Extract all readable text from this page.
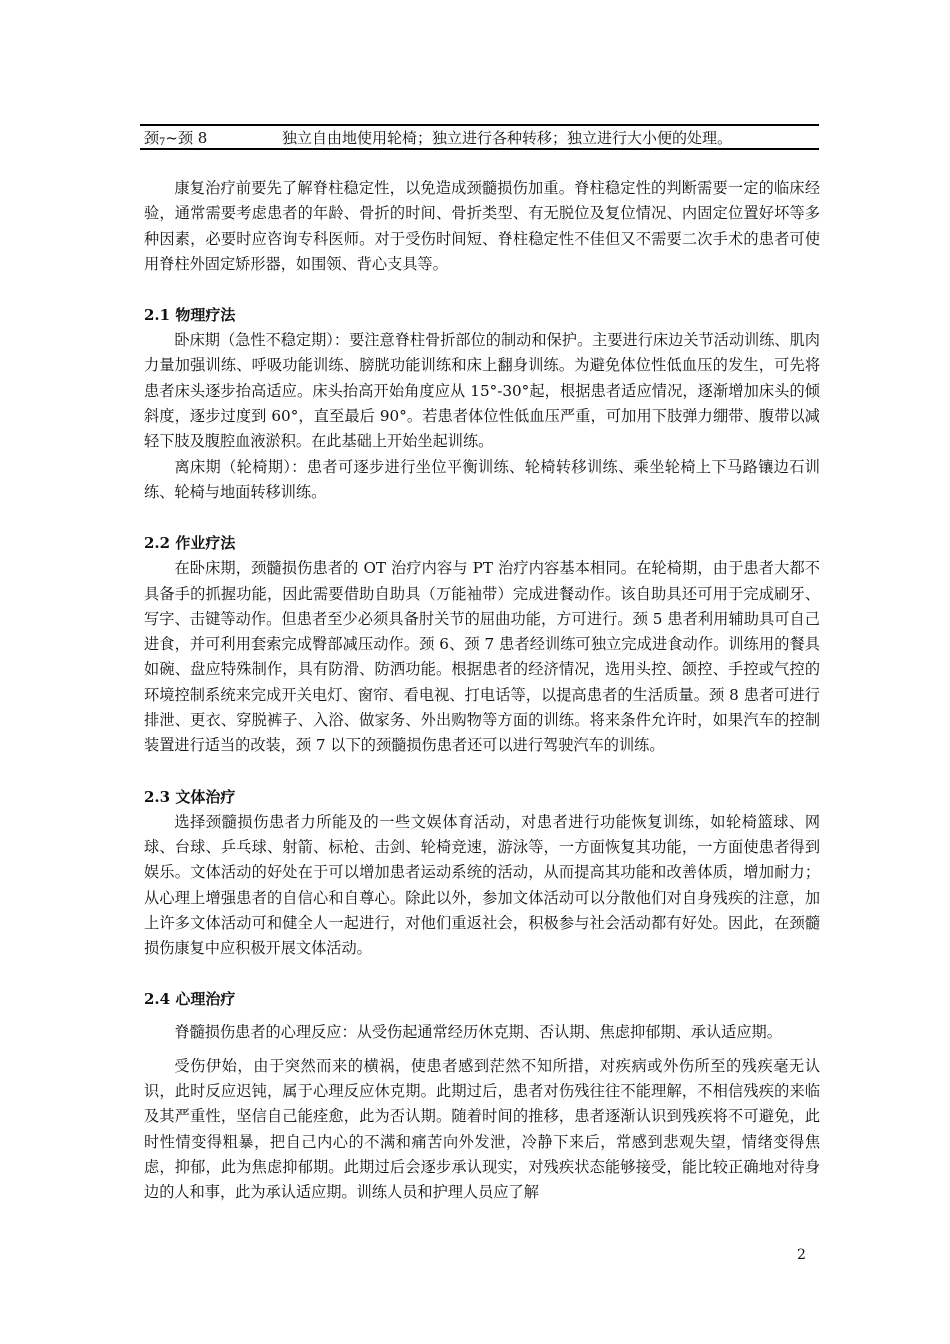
颈$_7$~颈 8	独立自由地使用轮椅；独立进行各种转移；独立进行大小便的处理。

康复治疗前要先了解脊柱稳定性，以免造成颈髓损伤加重。脊柱稳定性的判断需要一定的临床经验，通常需要考虑患者的年龄、骨折的时间、骨折类型、有无脱位及复位情况、内固定位置好坏等多种因素，必要时应咨询专科医师。对于受伤时间短、脊柱稳定性不佳但又不需要二次手术的患者可使用脊柱外固定矫形器，如围领、背心支具等。

2.1 物理疗法

卧床期（急性不稳定期）：要注意脊柱骨折部位的制动和保护。主要进行床边关节活动训练、肌肉力量加强训练、呼吸功能训练、膀胱功能训练和床上翻身训练。为避免体位性低血压的发生，可先将患者床头逐步抬高适应。床头抬高开始角度应从 15°-30°起，根据患者适应情况，逐渐增加床头的倾斜度，逐步过度到 60°，直至最后 90°。若患者体位性低血压严重，可加用下肢弹力绷带、腹带以减轻下肢及腹腔血液淤积。在此基础上开始坐起训练。

离床期（轮椅期）：患者可逐步进行坐位平衡训练、轮椅转移训练、乘坐轮椅上下马路镶边石训练、轮椅与地面转移训练。

2.2 作业疗法

在卧床期，颈髓损伤患者的 OT 治疗内容与 PT 治疗内容基本相同。在轮椅期，由于患者大都不具备手的抓握功能，因此需要借助自助具（万能袖带）完成进餐动作。该自助具还可用于完成刷牙、写字、击键等动作。但患者至少必须具备肘关节的屈曲功能，方可进行。颈 5 患者利用辅助具可自己进食，并可利用套索完成臀部减压动作。颈 6、颈 7 患者经训练可独立完成进食动作。训练用的餐具如碗、盘应特殊制作，具有防滑、防洒功能。根据患者的经济情况，选用头控、颌控、手控或气控的环境控制系统来完成开关电灯、窗帘、看电视、打电话等，以提高患者的生活质量。颈 8 患者可进行排泄、更衣、穿脱裤子、入浴、做家务、外出购物等方面的训练。将来条件允许时，如果汽车的控制装置进行适当的改装，颈 7 以下的颈髓损伤患者还可以进行驾驶汽车的训练。

2.3 文体治疗

选择颈髓损伤患者力所能及的一些文娱体育活动，对患者进行功能恢复训练，如轮椅篮球、网球、台球、乒乓球、射箭、标枪、击剑、轮椅竞速，游泳等，一方面恢复其功能，一方面使患者得到娱乐。文体活动的好处在于可以增加患者运动系统的活动，从而提高其功能和改善体质，增加耐力；从心理上增强患者的自信心和自尊心。除此以外，参加文体活动可以分散他们对自身残疾的注意，加上许多文体活动可和健全人一起进行，对他们重返社会，积极参与社会活动都有好处。因此，在颈髓损伤康复中应积极开展文体活动。

2.4 心理治疗

脊髓损伤患者的心理反应：从受伤起通常经历休克期、否认期、焦虑抑郁期、承认适应期。

受伤伊始，由于突然而来的横祸，使患者感到茫然不知所措，对疾病或外伤所至的残疾毫无认识，此时反应迟钝，属于心理反应休克期。此期过后，患者对伤残往往不能理解，不相信残疾的来临及其严重性，坚信自己能痊愈，此为否认期。随着时间的推移，患者逐渐认识到残疾将不可避免，此时性情变得粗暴，把自己内心的不满和痛苦向外发泄，冷静下来后，常感到悲观失望，情绪变得焦虑，抑郁，此为焦虑抑郁期。此期过后会逐步承认现实，对残疾状态能够接受，能比较正确地对待身边的人和事，此为承认适应期。训练人员和护理人员应了解

2
